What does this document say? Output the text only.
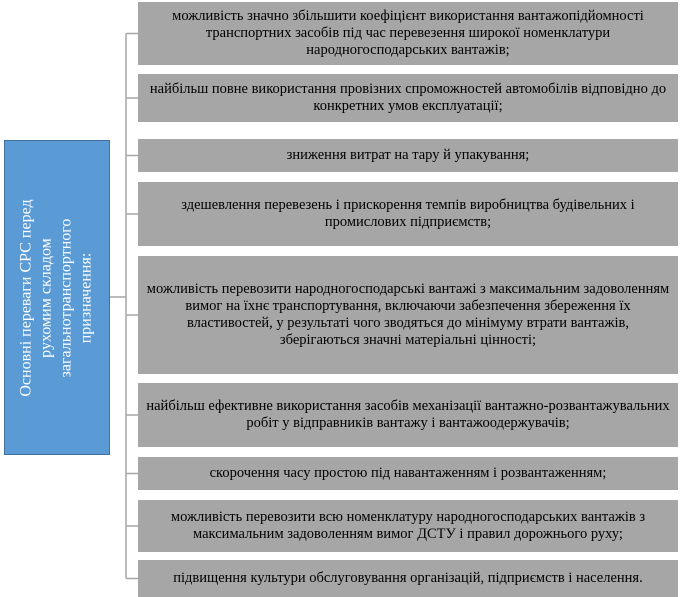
Основні переваги СРС перед рухомим складом загальнотранспортного призначення:
можливість значно збільшити коефіцієнт використання вантажопідйомності транспортних засобів під час перевезення широкої номенклатури народногосподарських вантажів;
найбільш повне використання провізних спроможностей автомобілів відповідно до конкретних умов експлуатації;
зниження витрат на тару й упакування;
здешевлення перевезень і прискорення темпів виробництва будівельних і промислових підприємств;
можливість перевозити народногосподарські вантажі з максимальним задоволенням вимог на їхнє транспортування, включаючи забезпечення збереження їх властивостей, у результаті чого зводяться до мінімуму втрати вантажів, зберігаються значні матеріальні цінності;
найбільш ефективне використання засобів механізації вантажно-розвантажувальних робіт у відправників вантажу і вантажоодержувачів;
скорочення часу простою під навантаженням і розвантаженням;
можливість перевозити всю номенклатуру народногосподарських вантажів з максимальним задоволенням вимог ДСТУ і правил дорожнього руху;
підвищення культури обслуговування організацій, підприємств і населення.
